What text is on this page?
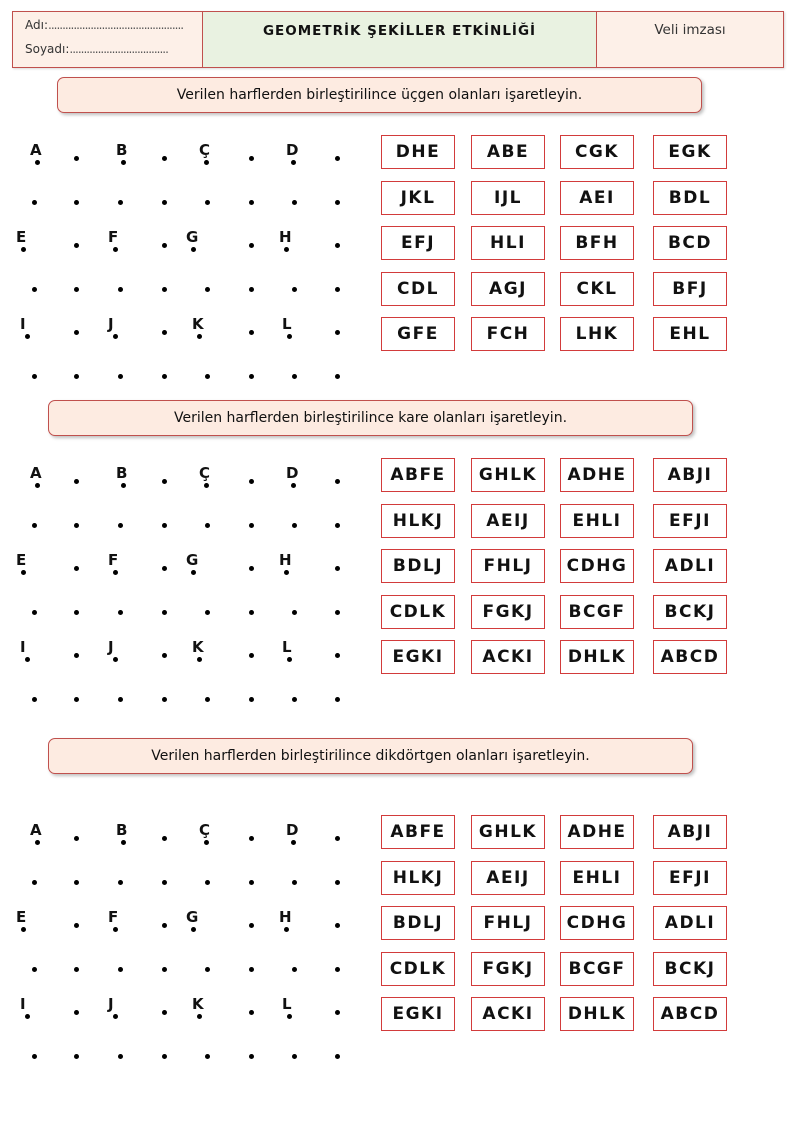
Adı:................................................
Soyadı:...................................
GEOMETRİK ŞEKİLLER ETKİNLİĞİ	Veli imzası
Verilen harflerden birleştirilince üçgen olanları işaretleyin.
Verilen harflerden birleştirilince kare olanları işaretleyin.
Verilen harflerden birleştirilince dikdörtgen olanları işaretleyin.
A	B	Ç	D
E	F	G	H
I	J	K	L
A	B	Ç	D
E	F	G	H
I	J	K	L
A	B	Ç	D
E	F	G	H
I	J	K	L
DHE	ABE	CGK	EGK
JKL	IJL	AEI	BDL
EFJ	HLI	BFH	BCD
CDL	AGJ	CKL	BFJ
GFE	FCH	LHK	EHL
ABFE	GHLK	ADHE	ABJI
HLKJ	AEIJ	EHLI	EFJI
BDLJ	FHLJ	CDHG	ADLI
CDLK	FGKJ	BCGF	BCKJ
EGKI	ACKI	DHLK	ABCD
ABFE	GHLK	ADHE	ABJI
HLKJ	AEIJ	EHLI	EFJI
BDLJ	FHLJ	CDHG	ADLI
CDLK	FGKJ	BCGF	BCKJ
EGKI	ACKI	DHLK	ABCD
